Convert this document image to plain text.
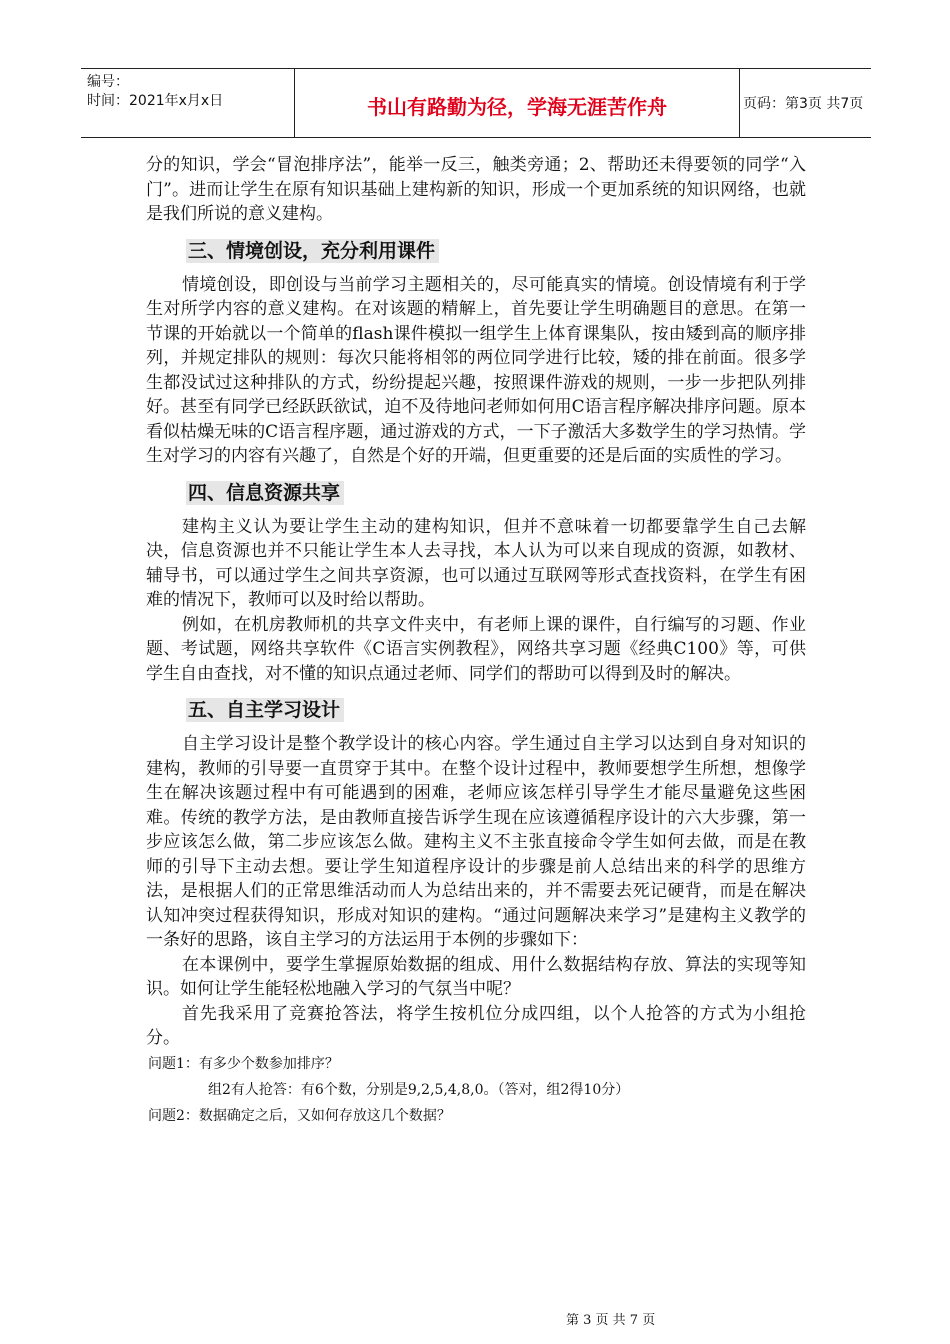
编号：
时间：2021年x月x日	书山有路勤为径，学海无涯苦作舟	页码：第3页 共7页

分的知识，学会“冒泡排序法”，能举一反三，触类旁通；2、帮助还未得要领的同学“入门”。进而让学生在原有知识基础上建构新的知识，形成一个更加系统的知识网络，也就是我们所说的意义建构。

三、情境创设，充分利用课件

情境创设，即创设与当前学习主题相关的，尽可能真实的情境。创设情境有利于学生对所学内容的意义建构。在对该题的精解上，首先要让学生明确题目的意思。在第一节课的开始就以一个简单的flash课件模拟一组学生上体育课集队，按由矮到高的顺序排列，并规定排队的规则：每次只能将相邻的两位同学进行比较，矮的排在前面。很多学生都没试过这种排队的方式，纷纷提起兴趣，按照课件游戏的规则，一步一步把队列排好。甚至有同学已经跃跃欲试，迫不及待地问老师如何用C语言程序解决排序问题。原本看似枯燥无味的C语言程序题，通过游戏的方式，一下子激活大多数学生的学习热情。学生对学习的内容有兴趣了，自然是个好的开端，但更重要的还是后面的实质性的学习。

四、信息资源共享

建构主义认为要让学生主动的建构知识，但并不意味着一切都要靠学生自己去解决，信息资源也并不只能让学生本人去寻找，本人认为可以来自现成的资源，如教材、辅导书，可以通过学生之间共享资源，也可以通过互联网等形式查找资料，在学生有困难的情况下，教师可以及时给以帮助。

例如，在机房教师机的共享文件夹中，有老师上课的课件，自行编写的习题、作业题、考试题，网络共享软件《C语言实例教程》，网络共享习题《经典C100》等，可供学生自由查找，对不懂的知识点通过老师、同学们的帮助可以得到及时的解决。

五、自主学习设计

自主学习设计是整个教学设计的核心内容。学生通过自主学习以达到自身对知识的建构，教师的引导要一直贯穿于其中。在整个设计过程中，教师要想学生所想，想像学生在解决该题过程中有可能遇到的困难，老师应该怎样引导学生才能尽量避免这些困难。传统的教学方法，是由教师直接告诉学生现在应该遵循程序设计的六大步骤，第一步应该怎么做，第二步应该怎么做。建构主义不主张直接命令学生如何去做，而是在教师的引导下主动去想。要让学生知道程序设计的步骤是前人总结出来的科学的思维方法，是根据人们的正常思维活动而人为总结出来的，并不需要去死记硬背，而是在解决认知冲突过程获得知识，形成对知识的建构。“通过问题解决来学习”是建构主义教学的一条好的思路，该自主学习的方法运用于本例的步骤如下：

在本课例中，要学生掌握原始数据的组成、用什么数据结构存放、算法的实现等知识。如何让学生能轻松地融入学习的气氛当中呢？

首先我采用了竞赛抢答法，将学生按机位分成四组，以个人抢答的方式为小组抢分。

问题1：有多少个数参加排序？

组2有人抢答：有6个数，分别是9,2,5,4,8,0。（答对，组2得10分）

问题2：数据确定之后，又如何存放这几个数据？

第 3 页 共 7 页
